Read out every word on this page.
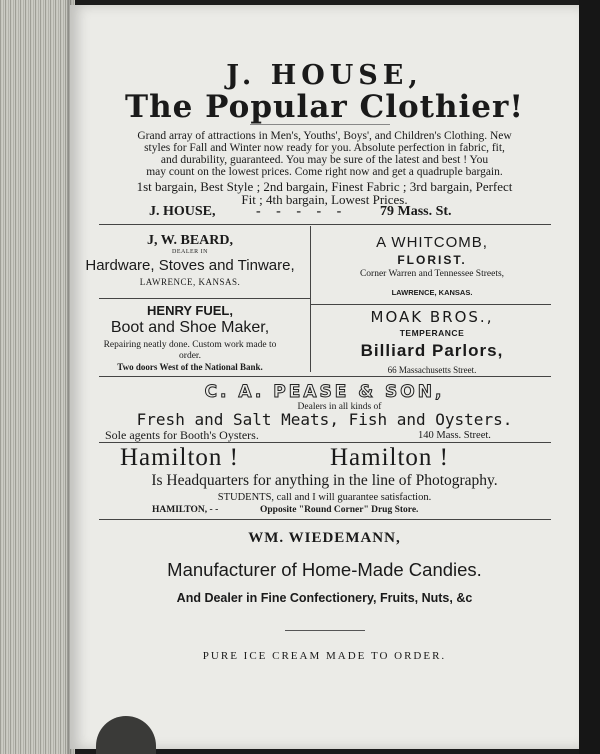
J. HOUSE,
The Popular Clothier!
Grand array of attractions in Men's, Youths', Boys', and Children's Clothing. New
styles for Fall and Winter now ready for you. Absolute perfection in fabric, fit,
and durability, guaranteed. You may be sure of the latest and best ! You
may count on the lowest prices. Come right now and get a quadruple bargain.
1st bargain, Best Style ; 2nd bargain, Finest Fabric ; 3rd bargain, Perfect
Fit ; 4th bargain, Lowest Prices.
J. HOUSE,	- - - - - 79 Mass. St.
J, W. BEARD,
DEALER IN
Hardware, Stoves and Tinware,
LAWRENCE, KANSAS.
A WHITCOMB,
FLORIST.
Corner Warren and Tennessee Streets,
LAWRENCE, KANSAS.
HENRY FUEL,
Boot and Shoe Maker,
Repairing neatly done. Custom work made to
order.
Two doors West of the National Bank.
MOAK BROS.,
TEMPERANCE
Billiard Parlors,
66 Massachusetts Street.
C. A. PEASE & SON,
Dealers in all kinds of
Fresh and Salt Meats, Fish and Oysters.
Sole agents for Booth's Oysters.	140 Mass. Street.
Hamilton !	Hamilton !
Is Headquarters for anything in the line of Photography.
STUDENTS, call and I will guarantee satisfaction.
HAMILTON, - -	Opposite "Round Corner" Drug Store.
WM. WIEDEMANN,
Manufacturer of Home-Made Candies.
And Dealer in Fine Confectionery, Fruits, Nuts, &c
PURE ICE CREAM MADE TO ORDER.
